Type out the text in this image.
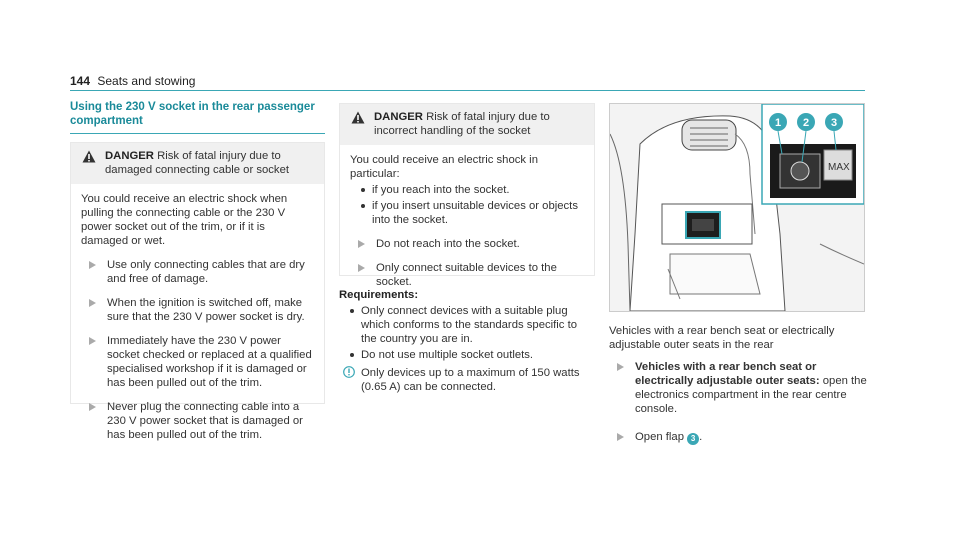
144 Seats and stowing
Using the 230 V socket in the rear passenger compartment
DANGER Risk of fatal injury due to damaged connecting cable or socket

You could receive an electric shock when pulling the connecting cable or the 230 V power socket out of the trim, or if it is damaged or wet.

Use only connecting cables that are dry and free of damage.
When the ignition is switched off, make sure that the 230 V power socket is dry.
Immediately have the 230 V power socket checked or replaced at a qualified specialised workshop if it is damaged or has been pulled out of the trim.
Never plug the connecting cable into a 230 V power socket that is damaged or has been pulled out of the trim.
DANGER Risk of fatal injury due to incorrect handling of the socket

You could receive an electric shock in particular:

if you reach into the socket.
if you insert unsuitable devices or objects into the socket.
Do not reach into the socket.
Only connect suitable devices to the socket.
Requirements:
Only connect devices with a suitable plug which conforms to the standards specific to the country you are in.
Do not use multiple socket outlets.
Only devices up to a maximum of 150 watts (0.65 A) can be connected.
MAX
1 2 3
Vehicles with a rear bench seat or electrically adjustable outer seats in the rear
Vehicles with a rear bench seat or electrically adjustable outer seats: open the electronics compartment in the rear centre console.
Open flap 3 .
